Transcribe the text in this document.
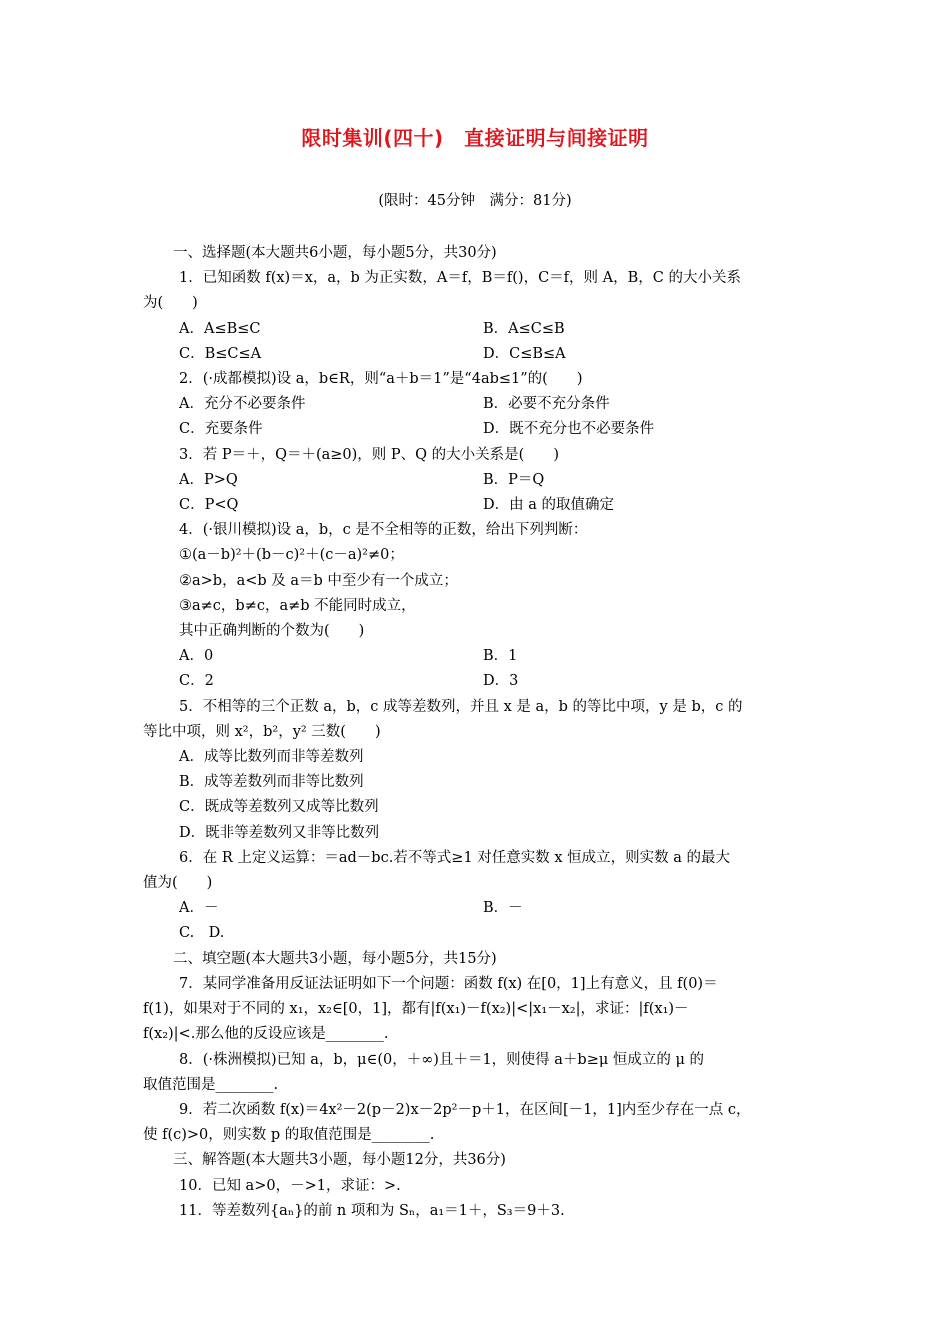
限时集训(四十)　直接证明与间接证明
(限时：45分钟　满分：81分)

一、选择题(本大题共6小题，每小题5分，共30分)

1．已知函数 f(x)＝x，a，b 为正实数，A＝f，B＝f()，C＝f，则 A，B，C 的大小关系

为(　　)

A．A≤B≤C	B．A≤C≤B
C．B≤C≤A	D．C≤B≤A

2．(·成都模拟)设 a，b∈R，则“a＋b＝1”是“4ab≤1”的(　　)

A．充分不必要条件	B．必要不充分条件
C．充要条件	D．既不充分也不必要条件

3．若 P＝＋，Q＝＋(a≥0)，则 P、Q 的大小关系是(　　)

A．P>Q	B．P＝Q
C．P<Q	D．由 a 的取值确定

4．(·银川模拟)设 a，b，c 是不全相等的正数，给出下列判断：

①(a－b)²＋(b－c)²＋(c－a)²≠0；

②a>b，a<b 及 a＝b 中至少有一个成立；

③a≠c，b≠c，a≠b 不能同时成立，

其中正确判断的个数为(　　)

A．0	B．1
C．2	D．3

5．不相等的三个正数 a，b，c 成等差数列，并且 x 是 a，b 的等比中项，y 是 b，c 的

等比中项，则 x²，b²，y² 三数(　　)

A．成等比数列而非等差数列

B．成等差数列而非等比数列

C．既成等差数列又成等比数列

D．既非等差数列又非等比数列

6．在 R 上定义运算：＝ad－bc.若不等式≥1 对任意实数 x 恒成立，则实数 a 的最大

值为(　　)

A．－	B．－

C.　D.

二、填空题(本大题共3小题，每小题5分，共15分)

7．某同学准备用反证法证明如下一个问题：函数 f(x) 在[0，1]上有意义，且 f(0)＝

f(1)，如果对于不同的 x₁，x₂∈[0，1]，都有|f(x₁)－f(x₂)|<|x₁－x₂|，求证：|f(x₁)－

f(x₂)|<.那么他的反设应该是________.

8．(·株洲模拟)已知 a，b，μ∈(0，＋∞)且＋＝1，则使得 a＋b≥μ 恒成立的 μ 的

取值范围是________.

9．若二次函数 f(x)＝4x²－2(p－2)x－2p²－p＋1，在区间[－1，1]内至少存在一点 c，

使 f(c)>0，则实数 p 的取值范围是________.

三、解答题(本大题共3小题，每小题12分，共36分)

10．已知 a>0，－>1，求证：>.

11．等差数列{aₙ}的前 n 项和为 Sₙ，a₁＝1＋，S₃＝9＋3.
